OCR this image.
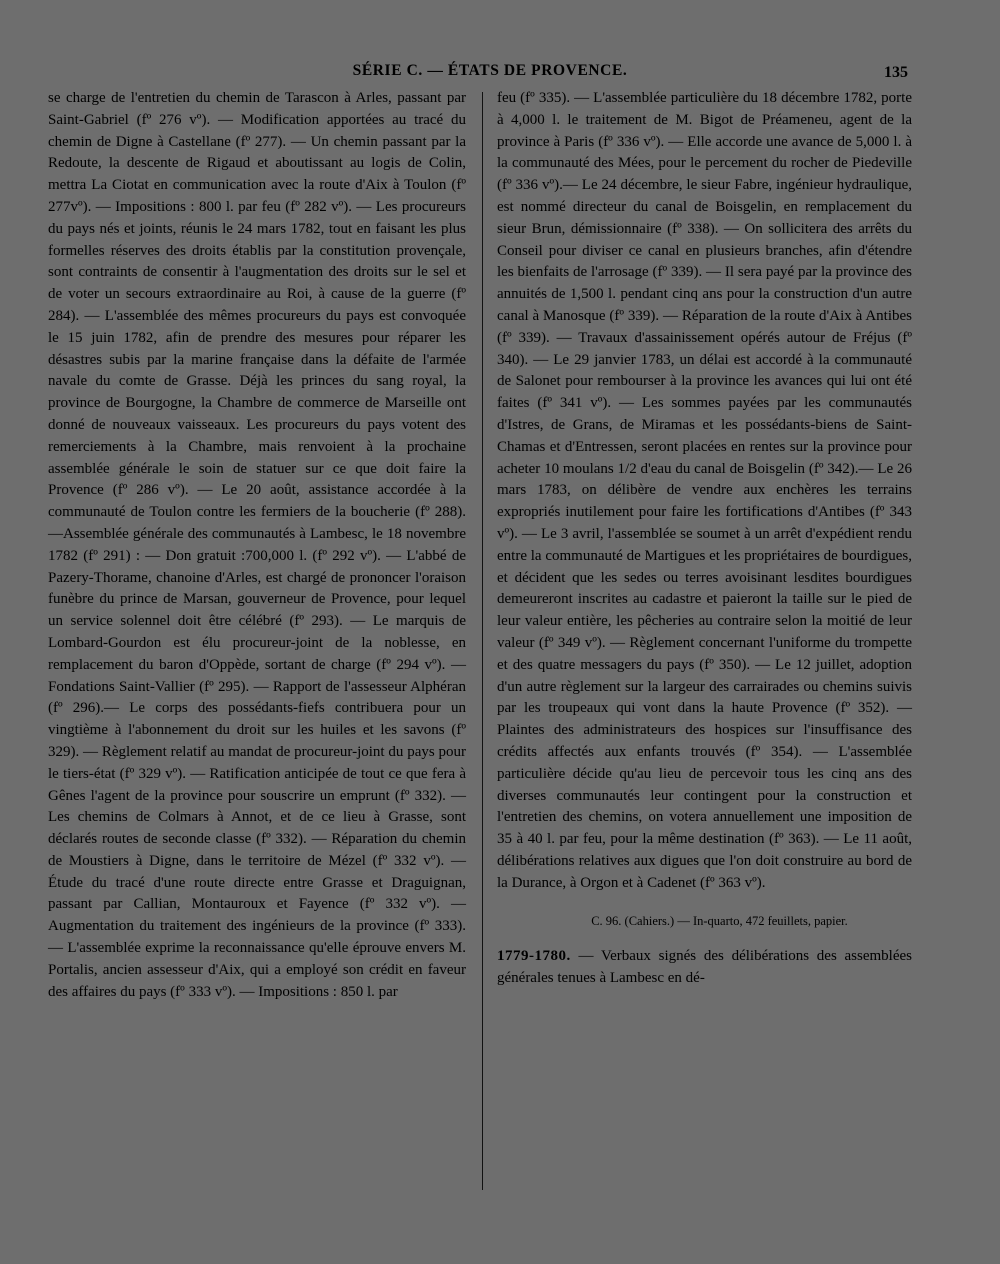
SÉRIE C. — ÉTATS DE PROVENCE.	135
se charge de l'entretien du chemin de Tarascon à Arles, passant par Saint-Gabriel (fº 276 vº). — Modification apportées au tracé du chemin de Digne à Castellane (fº 277). — Un chemin passant par la Redoute, la descente de Rigaud et aboutissant au logis de Colin, mettra La Ciotat en communication avec la route d'Aix à Toulon (fº 277vº). — Impositions : 800 l. par feu (fº 282 vº). — Les procureurs du pays nés et joints, réunis le 24 mars 1782, tout en faisant les plus formelles réserves des droits établis par la constitution provençale, sont contraints de consentir à l'augmentation des droits sur le sel et de voter un secours extraordinaire au Roi, à cause de la guerre (fº 284). — L'assemblée des mêmes procureurs du pays est convoquée le 15 juin 1782, afin de prendre des mesures pour réparer les désastres subis par la marine française dans la défaite de l'armée navale du comte de Grasse. Déjà les princes du sang royal, la province de Bourgogne, la Chambre de commerce de Marseille ont donné de nouveaux vaisseaux. Les procureurs du pays votent des remerciements à la Chambre, mais renvoient à la prochaine assemblée générale le soin de statuer sur ce que doit faire la Provence (fº 286 vº). — Le 20 août, assistance accordée à la communauté de Toulon contre les fermiers de la boucherie (fº 288). —Assemblée générale des communautés à Lambesc, le 18 novembre 1782 (fº 291) : — Don gratuit :700,000 l. (fº 292 vº). — L'abbé de Pazery-Thorame, chanoine d'Arles, est chargé de prononcer l'oraison funèbre du prince de Marsan, gouverneur de Provence, pour lequel un service solennel doit être célébré (fº 293). — Le marquis de Lombard-Gourdon est élu procureur-joint de la noblesse, en remplacement du baron d'Oppède, sortant de charge (fº 294 vº). — Fondations Saint-Vallier (fº 295). — Rapport de l'assesseur Alphéran (fº 296).— Le corps des possédants-fiefs contribuera pour un vingtième à l'abonnement du droit sur les huiles et les savons (fº 329). — Règlement relatif au mandat de procureur-joint du pays pour le tiers-état (fº 329 vº). — Ratification anticipée de tout ce que fera à Gênes l'agent de la province pour souscrire un emprunt (fº 332). — Les chemins de Colmars à Annot, et de ce lieu à Grasse, sont déclarés routes de seconde classe (fº 332). — Réparation du chemin de Moustiers à Digne, dans le territoire de Mézel (fº 332 vº). — Étude du tracé d'une route directe entre Grasse et Draguignan, passant par Callian, Montauroux et Fayence (fº 332 vº). —Augmentation du traitement des ingénieurs de la province (fº 333). — L'assemblée exprime la reconnaissance qu'elle éprouve envers M. Portalis, ancien assesseur d'Aix, qui a employé son crédit en faveur des affaires du pays (fº 333 vº). — Impositions : 850 l. par
feu (fº 335). — L'assemblée particulière du 18 décembre 1782, porte à 4,000 l. le traitement de M. Bigot de Préameneu, agent de la province à Paris (fº 336 vº). — Elle accorde une avance de 5,000 l. à la communauté des Mées, pour le percement du rocher de Piedeville (fº 336 vº).— Le 24 décembre, le sieur Fabre, ingénieur hydraulique, est nommé directeur du canal de Boisgelin, en remplacement du sieur Brun, démissionnaire (fº 338). — On sollicitera des arrêts du Conseil pour diviser ce canal en plusieurs branches, afin d'étendre les bienfaits de l'arrosage (fº 339). — Il sera payé par la province des annuités de 1,500 l. pendant cinq ans pour la construction d'un autre canal à Manosque (fº 339). — Réparation de la route d'Aix à Antibes (fº 339). — Travaux d'assainissement opérés autour de Fréjus (fº 340). — Le 29 janvier 1783, un délai est accordé à la communauté de Salonet pour rembourser à la province les avances qui lui ont été faites (fº 341 vº). — Les sommes payées par les communautés d'Istres, de Grans, de Miramas et les possédants-biens de Saint-Chamas et d'Entressen, seront placées en rentes sur la province pour acheter 10 moulans 1/2 d'eau du canal de Boisgelin (fº 342).— Le 26 mars 1783, on délibère de vendre aux enchères les terrains expropriés inutilement pour faire les fortifications d'Antibes (fº 343 vº). — Le 3 avril, l'assemblée se soumet à un arrêt d'expédient rendu entre la communauté de Martigues et les propriétaires de bourdigues, et décident que les sedes ou terres avoisinant lesdites bourdigues demeureront inscrites au cadastre et paieront la taille sur le pied de leur valeur entière, les pêcheries au contraire selon la moitié de leur valeur (fº 349 vº). — Règlement concernant l'uniforme du trompette et des quatre messagers du pays (fº 350). — Le 12 juillet, adoption d'un autre règlement sur la largeur des carrairades ou chemins suivis par les troupeaux qui vont dans la haute Provence (fº 352). — Plaintes des administrateurs des hospices sur l'insuffisance des crédits affectés aux enfants trouvés (fº 354). — L'assemblée particulière décide qu'au lieu de percevoir tous les cinq ans des diverses communautés leur contingent pour la construction et l'entretien des chemins, on votera annuellement une imposition de 35 à 40 l. par feu, pour la même destination (fº 363). — Le 11 août, délibérations relatives aux digues que l'on doit construire au bord de la Durance, à Orgon et à Cadenet (fº 363 vº).
C. 96. (Cahiers.) — In-quarto, 472 feuillets, papier.
1779-1780. — Verbaux signés des délibérations des assemblées générales tenues à Lambesc en dé-
